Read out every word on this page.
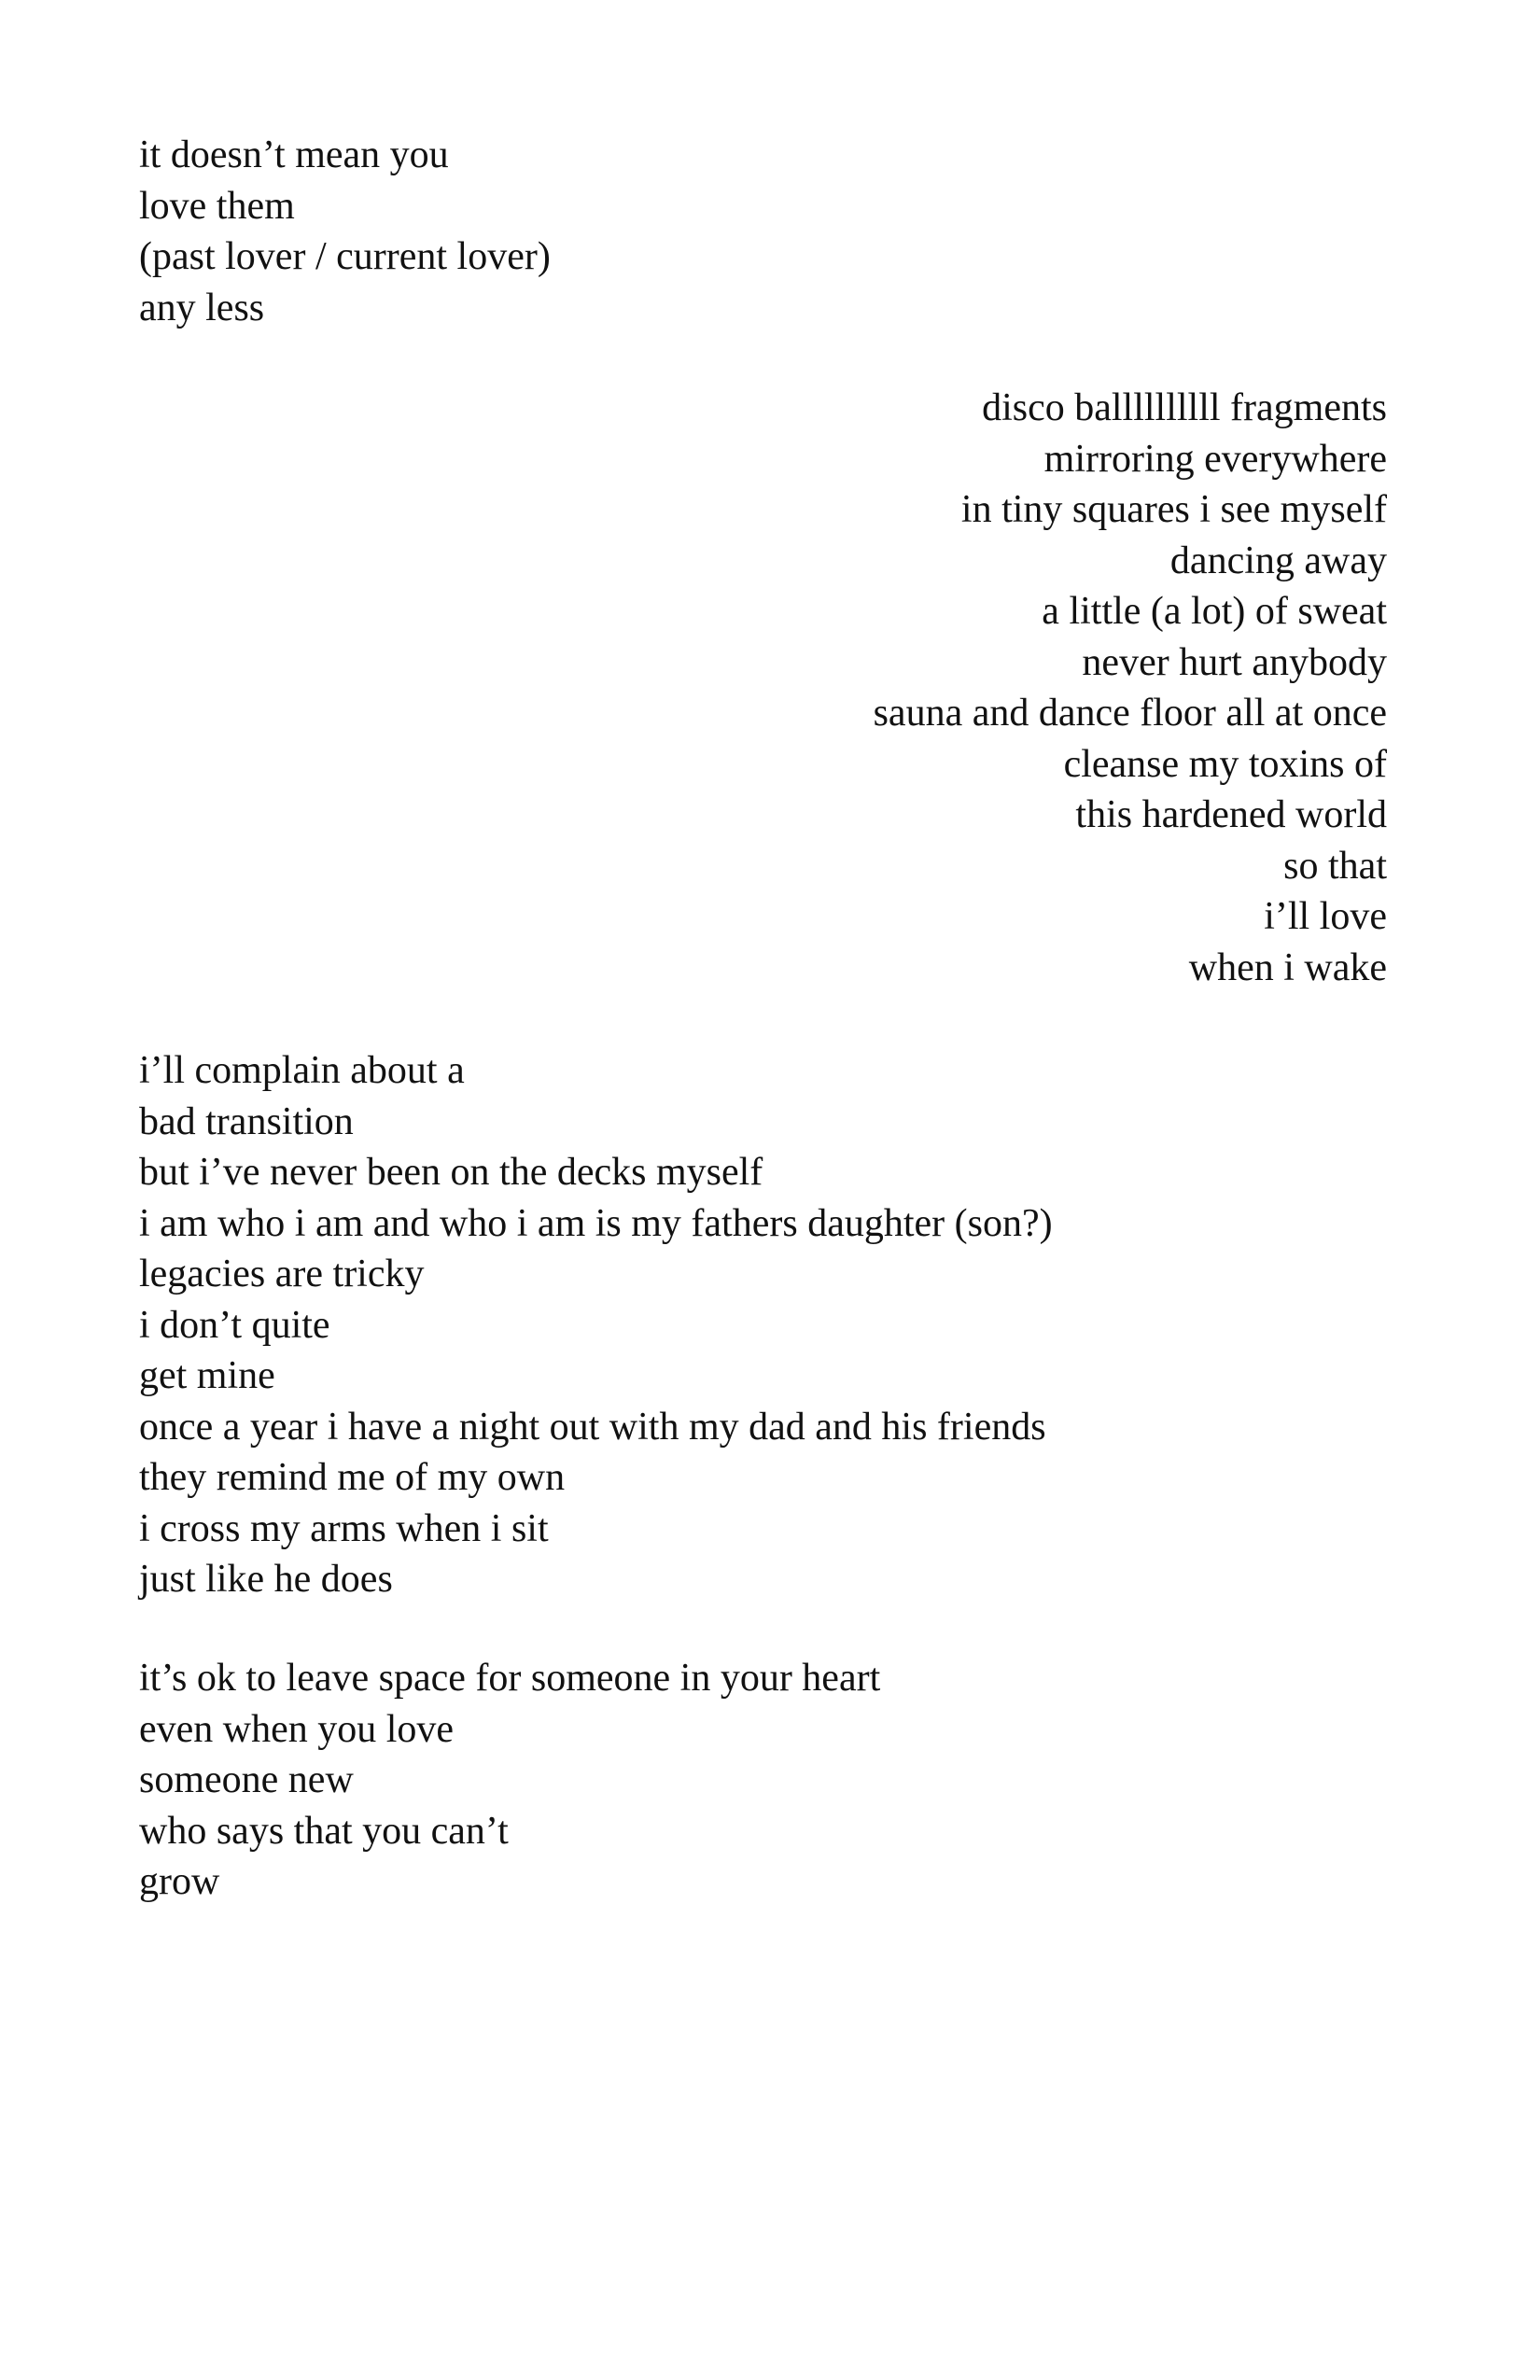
it doesn’t mean you
love them
(past lover / current lover)
any less
disco ballllllllll fragments
mirroring everywhere
in tiny squares i see myself
dancing away
a little (a lot) of sweat
never hurt anybody
sauna and dance floor all at once
cleanse my toxins of
this hardened world
so that
i’ll love
when i wake
i’ll complain about a
bad transition
but i’ve never been on the decks myself
i am who i am and who i am is my fathers daughter (son?)
legacies are tricky
i don’t quite
get mine
once a year i have a night out with my dad and his friends
they remind me of my own
i cross my arms when i sit
just like he does
it’s ok to leave space for someone in your heart
even when you love
someone new
who says that you can’t
grow
